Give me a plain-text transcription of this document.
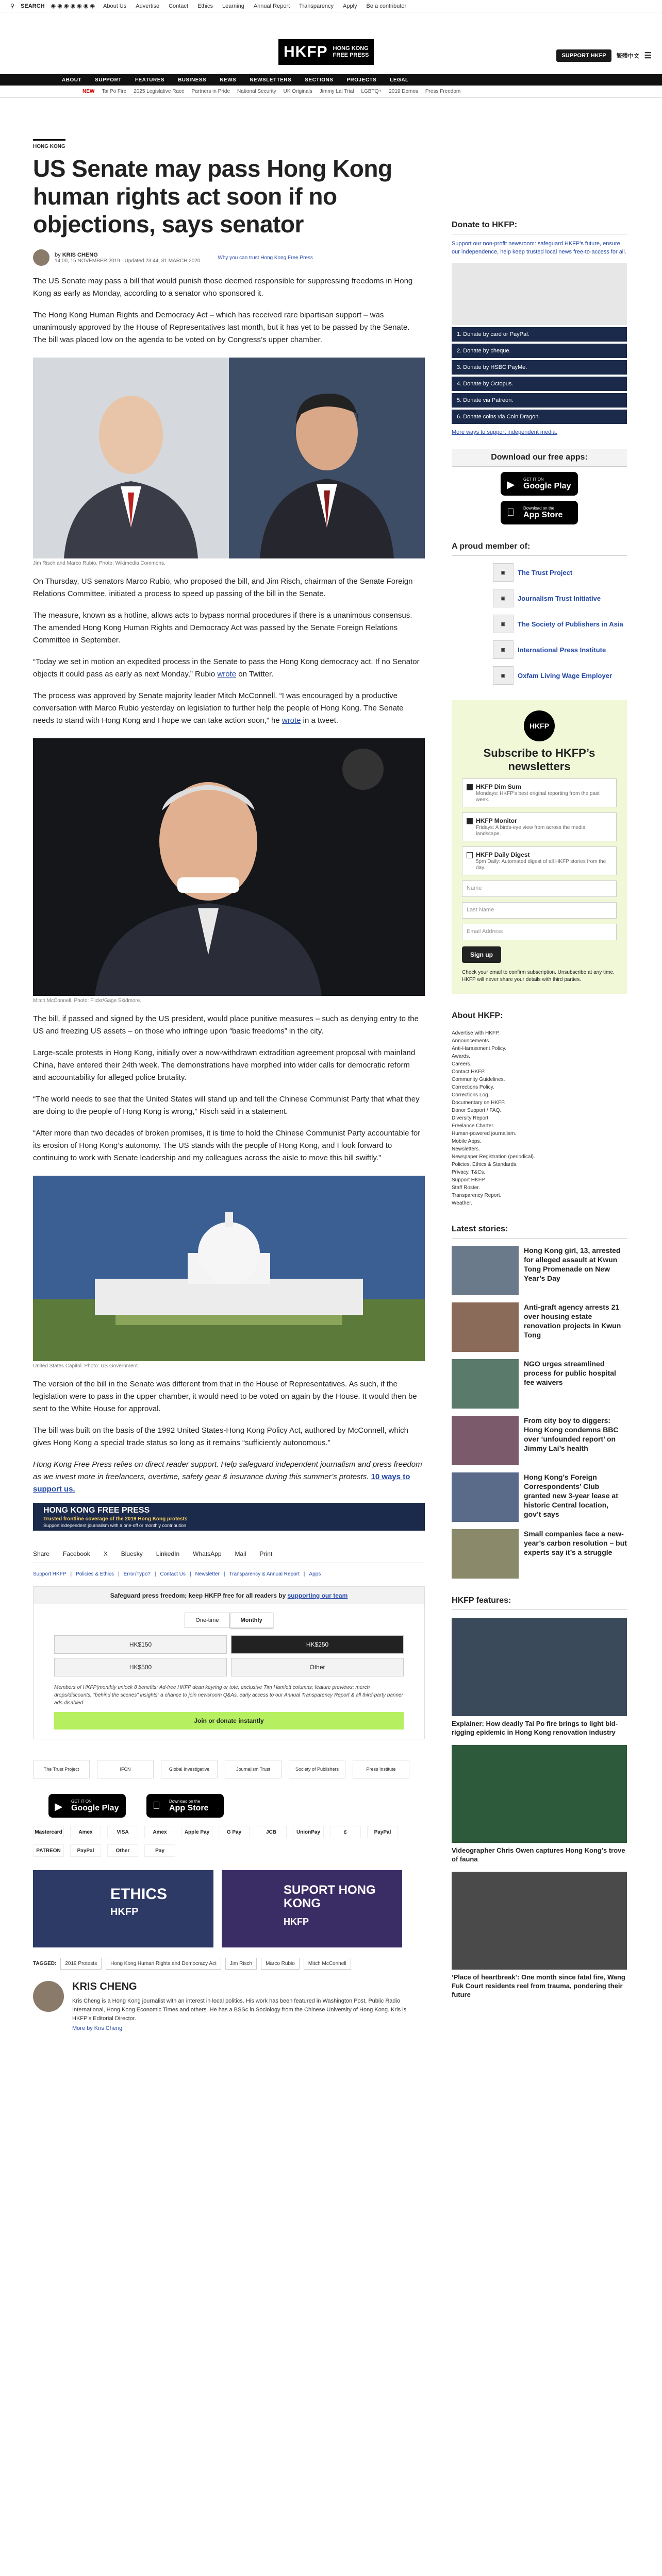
⚲ SEARCH ◉ ◉ ◉ ◉ ◉ ◉ ◉ About Us Advertise Contact Ethics Learning Annual Report Transparency Apply Be a contributor
HKFP HONG KONG
FREE PRESS	SUPPORT HKFP	繁體中文 ☰
ABOUT	SUPPORT	FEATURES	BUSINESS	NEWS	NEWSLETTERS	SECTIONS	PROJECTS	LEGAL
NEW Tai Po Fire 2025 Legislative Race Partners in Pride National Security UK Originals Jimmy Lai Trial LGBTQ+ 2019 Demos Press Freedom
HONG KONG
US Senate may pass Hong Kong human rights act soon if no objections, says senator
by KRIS CHENG
14:00, 15 NOVEMBER 2019 · Updated 23:44, 31 MARCH 2020
Why you can trust Hong Kong Free Press

The US Senate may pass a bill that would punish those deemed responsible for suppressing freedoms in Hong Kong as early as Monday, according to a senator who sponsored it.

The Hong Kong Human Rights and Democracy Act – which has received rare bipartisan support – was unanimously approved by the House of Representatives last month, but it has yet to be passed by the Senate. The bill was placed low on the agenda to be voted on by Congress’s upper chamber.

Jim Risch and Marco Rubio. Photo: Wikimedia Commons.

On Thursday, US senators Marco Rubio, who proposed the bill, and Jim Risch, chairman of the Senate Foreign Relations Committee, initiated a process to speed up passing of the bill in the Senate.

The measure, known as a hotline, allows acts to bypass normal procedures if there is a unanimous consensus. The amended Hong Kong Human Rights and Democracy Act was passed by the Senate Foreign Relations Committee in September.

“Today we set in motion an expedited process in the Senate to pass the Hong Kong democracy act. If no Senator objects it could pass as early as next Monday,” Rubio wrote on Twitter.

The process was approved by Senate majority leader Mitch McConnell. “I was encouraged by a productive conversation with Marco Rubio yesterday on legislation to further help the people of Hong Kong. The Senate needs to stand with Hong Kong and I hope we can take action soon,” he wrote in a tweet.

Mitch McConnell. Photo: Flickr/Gage Skidmore.

The bill, if passed and signed by the US president, would place punitive measures – such as denying entry to the US and freezing US assets – on those who infringe upon “basic freedoms” in the city.

Large-scale protests in Hong Kong, initially over a now-withdrawn extradition agreement proposal with mainland China, have entered their 24th week. The demonstrations have morphed into wider calls for democratic reform and accountability for alleged police brutality.

“The world needs to see that the United States will stand up and tell the Chinese Communist Party that what they are doing to the people of Hong Kong is wrong,” Risch said in a statement.

“After more than two decades of broken promises, it is time to hold the Chinese Communist Party accountable for its erosion of Hong Kong’s autonomy. The US stands with the people of Hong Kong, and I look forward to continuing to work with Senate leadership and my colleagues across the aisle to move this bill swiftly.”

United States Capitol. Photo: US Government.

The version of the bill in the Senate was different from that in the House of Representatives. As such, if the legislation were to pass in the upper chamber, it would need to be voted on again by the House. It would then be sent to the White House for approval.

The bill was built on the basis of the 1992 United States-Hong Kong Policy Act, authored by McConnell, which gives Hong Kong a special trade status so long as it remains “sufficiently autonomous.”

Hong Kong Free Press relies on direct reader support. Help safeguard independent journalism and press freedom as we invest more in freelancers, overtime, safety gear & insurance during this summer’s protests. 10 ways to support us.

HONG KONG FREE PRESS
Trusted frontline coverage of the 2019 Hong Kong protests
Support independent journalism with a one-off or monthly contribution
Share Facebook X Bluesky LinkedIn WhatsApp Mail Print
Support HKFP | Policies & Ethics | Error/Typo? | Contact Us | Newsletter | Transparency & Annual Report | Apps
Safeguard press freedom; keep HKFP free for all readers by supporting our team
One-time	Monthly
HK$150	HK$250
HK$500	Other
Members of HKFP(monthly unlock 8 benefits: Ad-free HKFP dean keyring or tote; exclusive Tim Hamlett columns; feature previews; merch drops/discounts, "behind the scenes" insights; a chance to join newsroom Q&As, early access to our Annual Transparency Report & all third-party banner ads disabled.
Join or donate instantly
The Trust Project	IFCN	Global Investigative	Journalism Trust	Society of Publishers	Press Institute
▶ GET IT ON
Google Play
Download on the
App Store
Mastercard	Amex	VISA	Amex	Apple Pay	G Pay	JCB	UnionPay	£	PayPal
PATREON	PayPal	Other	Pay
ETHICS
HKFP
SUPORT HONG KONG
HKFP
TAGGED:	2019 Protests	Hong Kong Human Rights and Democracy Act	Jim Risch	Marco Rubio	Mitch McConnell
KRIS CHENG
Kris Cheng is a Hong Kong journalist with an interest in local politics. His work has been featured in Washington Post, Public Radio International, Hong Kong Economic Times and others. He has a BSSc in Sociology from the Chinese University of Hong Kong. Kris is HKFP’s Editorial Director.
More by Kris Cheng
Donate to HKFP:
Support our non-profit newsroom: safeguard HKFP's future, ensure our independence, help keep trusted local news free-to-access for all.
1. Donate by card or PayPal.
2. Donate by cheque.
3. Donate by HSBC PayMe.
4. Donate by Octopus.
5. Donate via Patreon.
6. Donate coins via Coin Dragon.
More ways to support independent media.
Download our free apps:
▶ GET IT ON
Google Play
Download on the
App Store
A proud member of:
▣	The Trust Project
▣	Journalism Trust Initiative
▣	The Society of Publishers in Asia
▣	International Press Institute
▣	Oxfam Living Wage Employer
HKFP
Subscribe to HKFP’s newsletters
HKFP Dim Sum
Mondays: HKFP's best original reporting from the past week.
HKFP Monitor
Fridays: A birds-eye view from across the media landscape.
HKFP Daily Digest
5pm Daily: Automated digest of all HKFP stories from the day.
Name
Last Name
Email Address
Sign up
Check your email to confirm subscription. Unsubscribe at any time. HKFP will never share your details with third parties.
About HKFP:
Advertise with HKFP.
Announcements.
Anti-Harassment Policy.
Awards.
Careers.
Contact HKFP.
Community Guidelines.
Corrections Policy.
Corrections Log.
Documentary on HKFP.
Donor Support / FAQ.
Diversity Report.
Freelance Charter.
Human-powered journalism.
Mobile Apps.
Newsletters.
Newspaper Registration (periodical).
Policies, Ethics & Standards.
Privacy, T&Cs.
Support HKFP.
Staff Roster.
Transparency Report.
Weather.
Latest stories:
Hong Kong girl, 13, arrested for alleged assault at Kwun Tong Promenade on New Year’s Day
Anti-graft agency arrests 21 over housing estate renovation projects in Kwun Tong
NGO urges streamlined process for public hospital fee waivers
From city boy to diggers: Hong Kong condemns BBC over ‘unfounded report’ on Jimmy Lai’s health
Hong Kong’s Foreign Correspondents’ Club granted new 3-year lease at historic Central location, gov’t says
Small companies face a new-year’s carbon resolution – but experts say it’s a struggle
HKFP features:
Explainer: How deadly Tai Po fire brings to light bid-rigging epidemic in Hong Kong renovation industry
Videographer Chris Owen captures Hong Kong’s trove of fauna
‘Place of heartbreak’: One month since fatal fire, Wang Fuk Court residents reel from trauma, pondering their future
